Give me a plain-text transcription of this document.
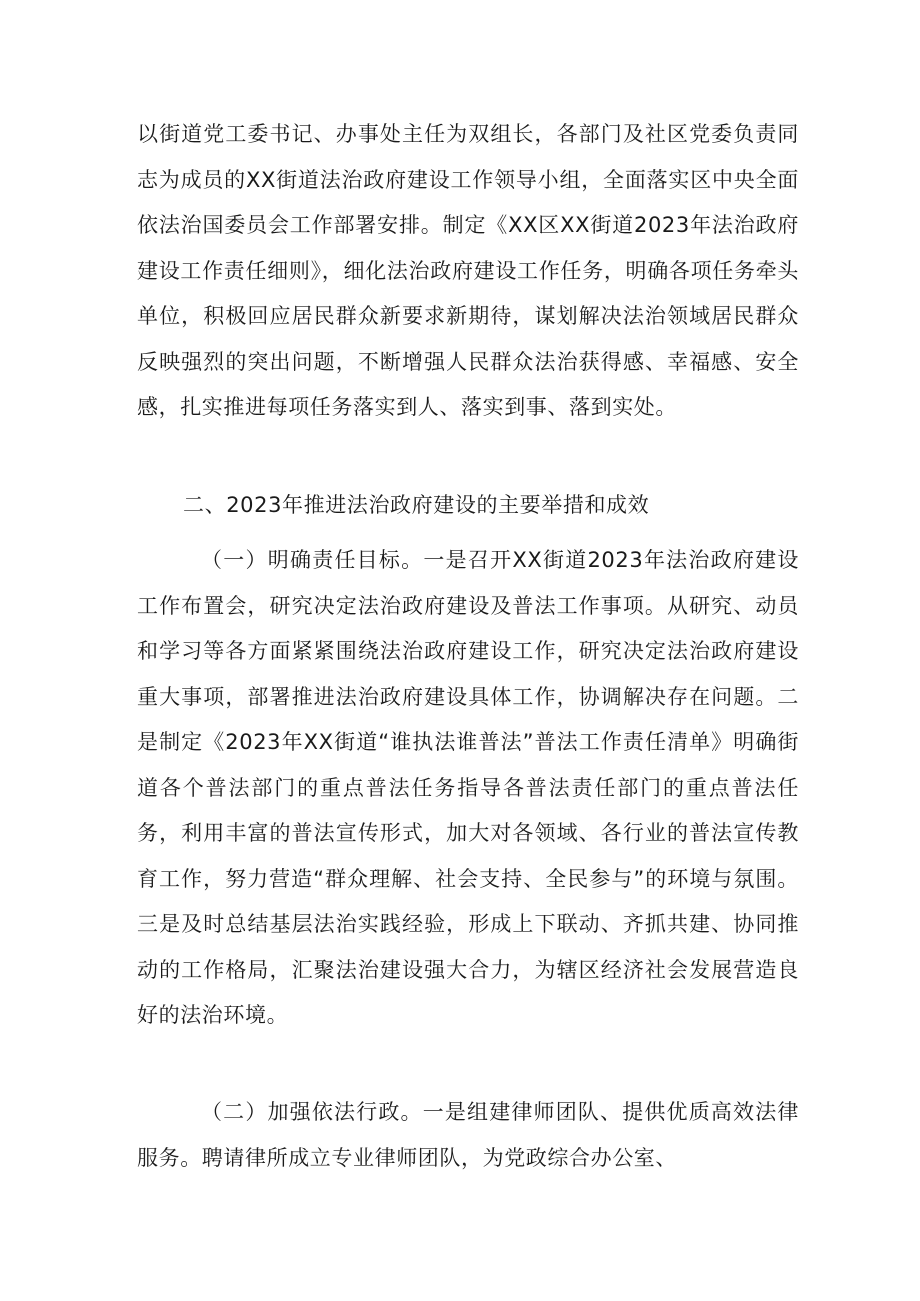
以街道党工委书记、办事处主任为双组长，各部门及社区党委负责同志为成员的XX街道法治政府建设工作领导小组，全面落实区中央全面依法治国委员会工作部署安排。制定《XX区XX街道2023年法治政府建设工作责任细则》，细化法治政府建设工作任务，明确各项任务牵头单位，积极回应居民群众新要求新期待，谋划解决法治领域居民群众反映强烈的突出问题，不断增强人民群众法治获得感、幸福感、安全感，扎实推进每项任务落实到人、落实到事、落到实处。

二、2023年推进法治政府建设的主要举措和成效

（一）明确责任目标。一是召开XX街道2023年法治政府建设工作布置会，研究决定法治政府建设及普法工作事项。从研究、动员和学习等各方面紧紧围绕法治政府建设工作，研究决定法治政府建设重大事项，部署推进法治政府建设具体工作，协调解决存在问题。二是制定《2023年XX街道“谁执法谁普法”普法工作责任清单》明确街道各个普法部门的重点普法任务指导各普法责任部门的重点普法任务，利用丰富的普法宣传形式，加大对各领域、各行业的普法宣传教育工作，努力营造“群众理解、社会支持、全民参与”的环境与氛围。三是及时总结基层法治实践经验，形成上下联动、齐抓共建、协同推动的工作格局，汇聚法治建设强大合力，为辖区经济社会发展营造良好的法治环境。

（二）加强依法行政。一是组建律师团队、提供优质高效法律服务。聘请律所成立专业律师团队，为党政综合办公室、
